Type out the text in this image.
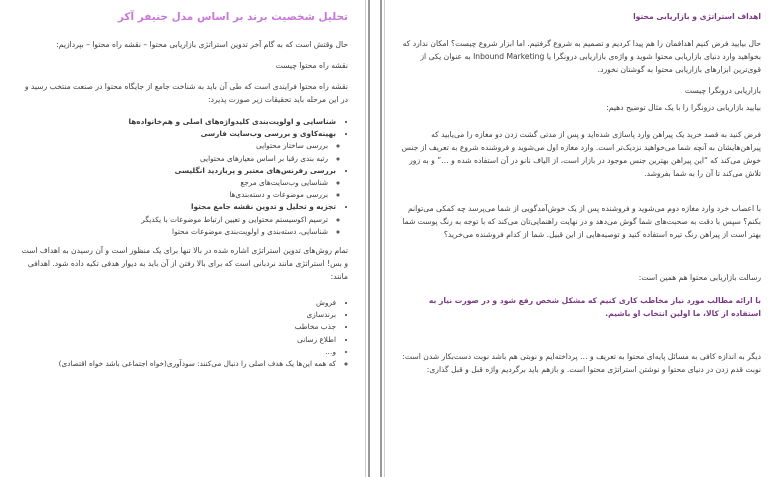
تحلیل شخصیت برند بر اساس مدل جنیفر آکر

حال وقتش است که به گام آخر تدوین استراتژی بازاریابی محتوا – نقشه راه محتوا – بپردازیم:

نقشه راه محتوا چیست

نقشه راه محتوا فرایندی است که طی آن باید به شناخت جامع از جایگاه محتوا در صنعت منتخب رسید و در این مرحله باید تحقیقات زیر صورت پذیرد:

• شناسایی و اولویت‌بندی کلیدواژه‌های اصلی و هم‌خانواده‌ها
• بهینه‌کاوی و بررسی وب‌سایت فارسی
◦ بررسی ساختار محتوایی
◦ رتبه بندی رقبا بر اساس معیارهای محتوایی
• بررسی رفرنس‌های معتبر و پربازدید انگلیسی
◦ شناسایی وب‌سایت‌های مرجع
◦ بررسی موضوعات و دسته‌بندی‌ها
• تجزیه و تحلیل و تدوین نقشه جامع محتوا
◦ ترسیم اکوسیستم محتوایی و تعیین ارتباط موضوعات با یکدیگر
◦ شناسایی، دسته‌بندی و اولویت‌بندی موضوعات محتوا

تمام روش‌های تدوین استراتژی اشاره شده در بالا تنها برای یک منظور است و آن رسیدن به اهداف است و بس! استراتژی مانند نردبانی است که برای بالا رفتن از آن باید به دیوار هدفی تکیه داده شود. اهدافی مانند:

• فروش
• برندسازی
• جذب مخاطب
• اطلاع رسانی
• و…
◦ که همه این‌ها یک هدف اصلی را دنبال می‌کنند: سودآوری(خواه اجتماعی باشد خواه اقتصادی)

اهداف استراتژی و بازاریابی محتوا

حال بیایید فرض کنیم اهدافمان را هم پیدا کردیم و تصمیم به شروع گرفتیم. اما ابزار شروع چیست؟ امکان ندارد که بخواهید وارد دنیای بازاریابی محتوا شوید و واژه‌ی بازاریابی درونگرا یا Inbound Marketing به عنوان یکی از قوی‌ترین ابزارهای بازاریابی محتوا به گوشتان نخورد.

بازاریابی درونگرا چیست

بیایید بازاریابی درونگرا را با یک مثال توضیح دهیم:

فرض کنید به قصد خرید یک پیراهن وارد پاساژی شده‌اید و پس از مدتی گشت زدن دو مغازه را می‌یابید که پیراهن‌هایشان به آنچه شما می‌خواهید نزدیک‌تر است. وارد مغازه اول می‌شوید و فروشنده شروع به تعریف از جنس خوش می‌کند که “این پیراهن بهترین جنس موجود در بازار است، از الیاف نانو در آن استفاده شده و …” و به زور تلاش می‌کند تا آن را به شما بفروشد.

با اعصاب خرد وارد مغازه دوم می‌شوید و فروشنده پس از یک خوش‌آمدگویی از شما می‌پرسد چه کمکی می‌توانم بکنم؟ سپس با دقت به صحبت‌های شما گوش می‌دهد و در نهایت راهنمایی‌تان می‌کند که با توجه به رنگ پوست شما بهتر است از پیراهن رنگ تیره استفاده کنید و توصیه‌هایی از این قبیل. شما از کدام فروشنده می‌خرید؟

رسالت بازاریابی محتوا هم همین است:

با ارائه مطالب مورد نیاز مخاطب کاری کنیم که مشکل شخص رفع شود و در صورت نیاز به استفاده از کالا، ما اولین انتخاب او باشیم.

دیگر به اندازه کافی به مسائل پایه‌ای محتوا به تعریف و … پرداخته‌ایم و نوبتی هم باشد نوبت دست‌بکار شدن است: نوبت قدم زدن در دنیای محتوا و نوشتن استراتژی محتوا است. و بازهم باید برگردیم واژه قبل و قبل گذاری:
